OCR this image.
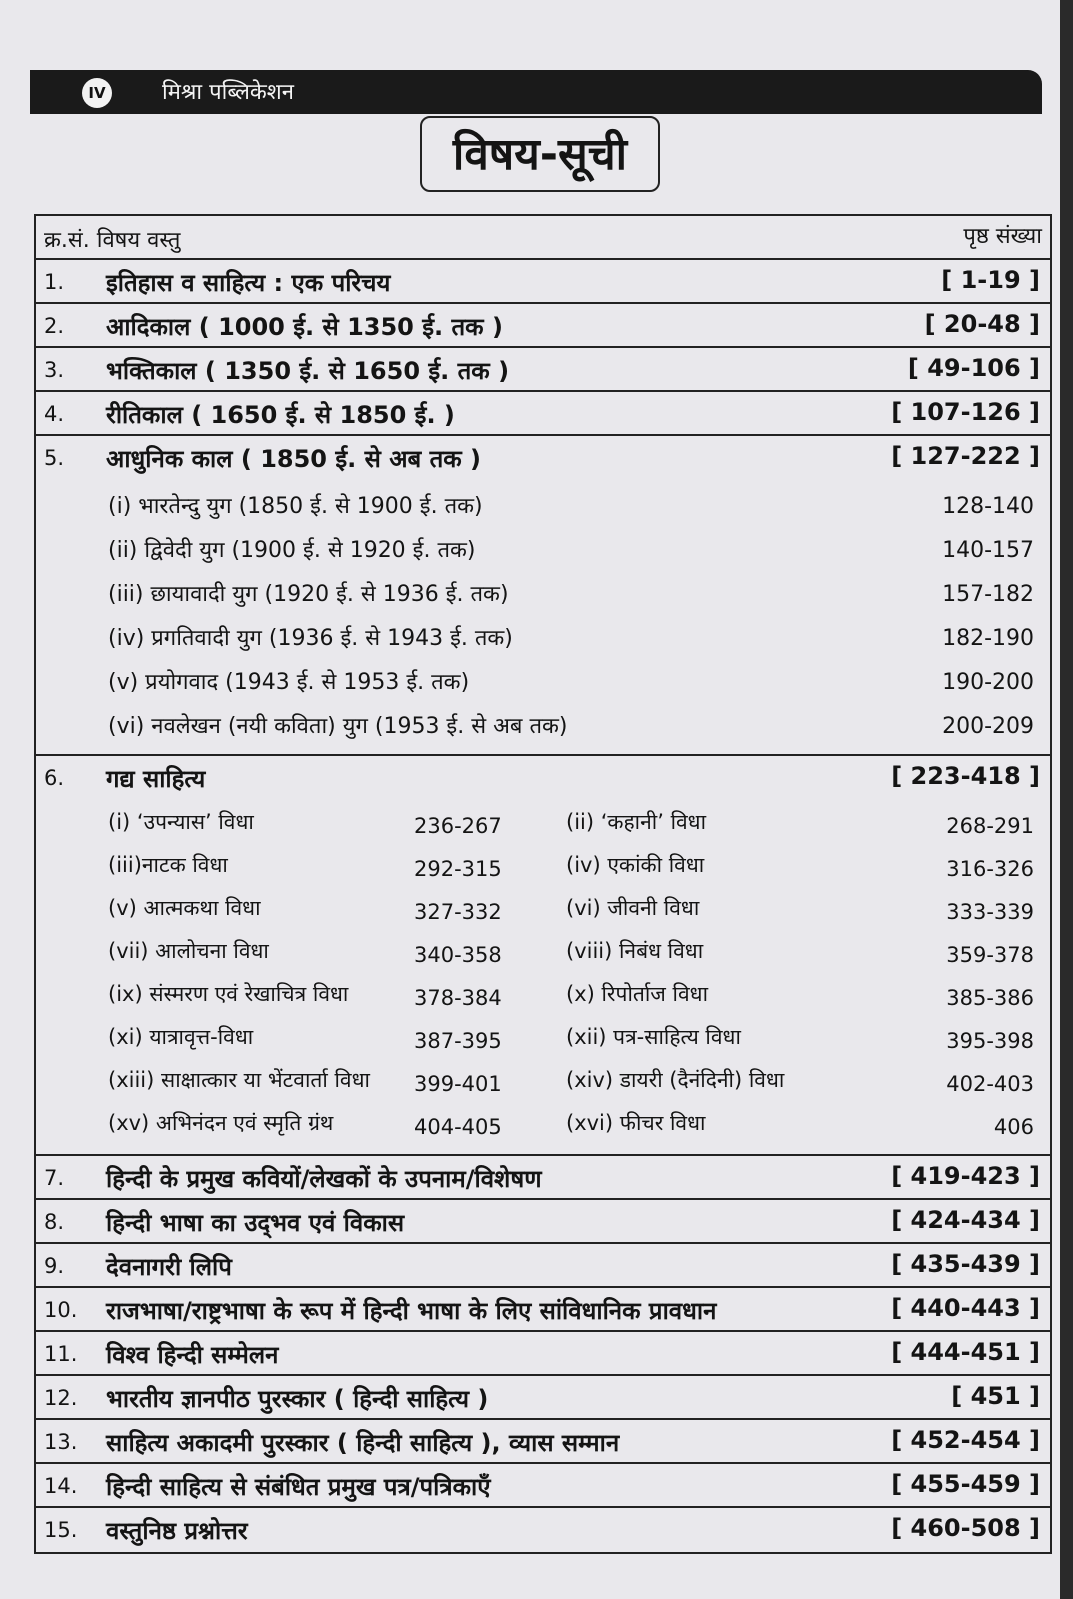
IV	मिश्रा पब्लिकेशन
विषय-सूची
क्र.सं. विषय वस्तु	पृष्ठ संख्या
1. इतिहास व साहित्य : एक परिचय	[ 1-19 ]
2. आदिकाल ( 1000 ई. से 1350 ई. तक )	[ 20-48 ]
3. भक्तिकाल ( 1350 ई. से 1650 ई. तक )	[ 49-106 ]
4. रीतिकाल ( 1650 ई. से 1850 ई. )	[ 107-126 ]
5. आधुनिक काल ( 1850 ई. से अब तक )	[ 127-222 ]
(i) भारतेन्दु युग (1850 ई. से 1900 ई. तक)	128-140
(ii) द्विवेदी युग (1900 ई. से 1920 ई. तक)	140-157
(iii) छायावादी युग (1920 ई. से 1936 ई. तक)	157-182
(iv) प्रगतिवादी युग (1936 ई. से 1943 ई. तक)	182-190
(v) प्रयोगवाद (1943 ई. से 1953 ई. तक)	190-200
(vi) नवलेखन (नयी कविता) युग (1953 ई. से अब तक)	200-209
6. गद्य साहित्य	[ 223-418 ]
(i) ‘उपन्यास’ विधा	236-267	(ii) ‘कहानी’ विधा	268-291
(iii)नाटक विधा	292-315	(iv) एकांकी विधा	316-326
(v) आत्मकथा विधा	327-332	(vi) जीवनी विधा	333-339
(vii) आलोचना विधा	340-358	(viii) निबंध विधा	359-378
(ix) संस्मरण एवं रेखाचित्र विधा	378-384	(x) रिपोर्ताज विधा	385-386
(xi) यात्रावृत्त-विधा	387-395	(xii) पत्र-साहित्य विधा	395-398
(xiii) साक्षात्कार या भेंटवार्ता विधा 399-401	(xiv) डायरी (दैनंदिनी) विधा	402-403
(xv) अभिनंदन एवं स्मृति ग्रंथ	404-405	(xvi) फीचर विधा	406
7. हिन्दी के प्रमुख कवियों/लेखकों के उपनाम/विशेषण	[ 419-423 ]
8. हिन्दी भाषा का उद्‌भव एवं विकास	[ 424-434 ]
9. देवनागरी लिपि	[ 435-439 ]
10. राजभाषा/राष्ट्रभाषा के रूप में हिन्दी भाषा के लिए सांविधानिक प्रावधान	[ 440-443 ]
11. विश्व हिन्दी सम्मेलन	[ 444-451 ]
12. भारतीय ज्ञानपीठ पुरस्कार ( हिन्दी साहित्य )	[ 451 ]
13. साहित्य अकादमी पुरस्कार ( हिन्दी साहित्य ), व्यास सम्मान	[ 452-454 ]
14. हिन्दी साहित्य से संबंधित प्रमुख पत्र/पत्रिकाएँ	[ 455-459 ]
15. वस्तुनिष्ठ प्रश्नोत्तर	[ 460-508 ]
